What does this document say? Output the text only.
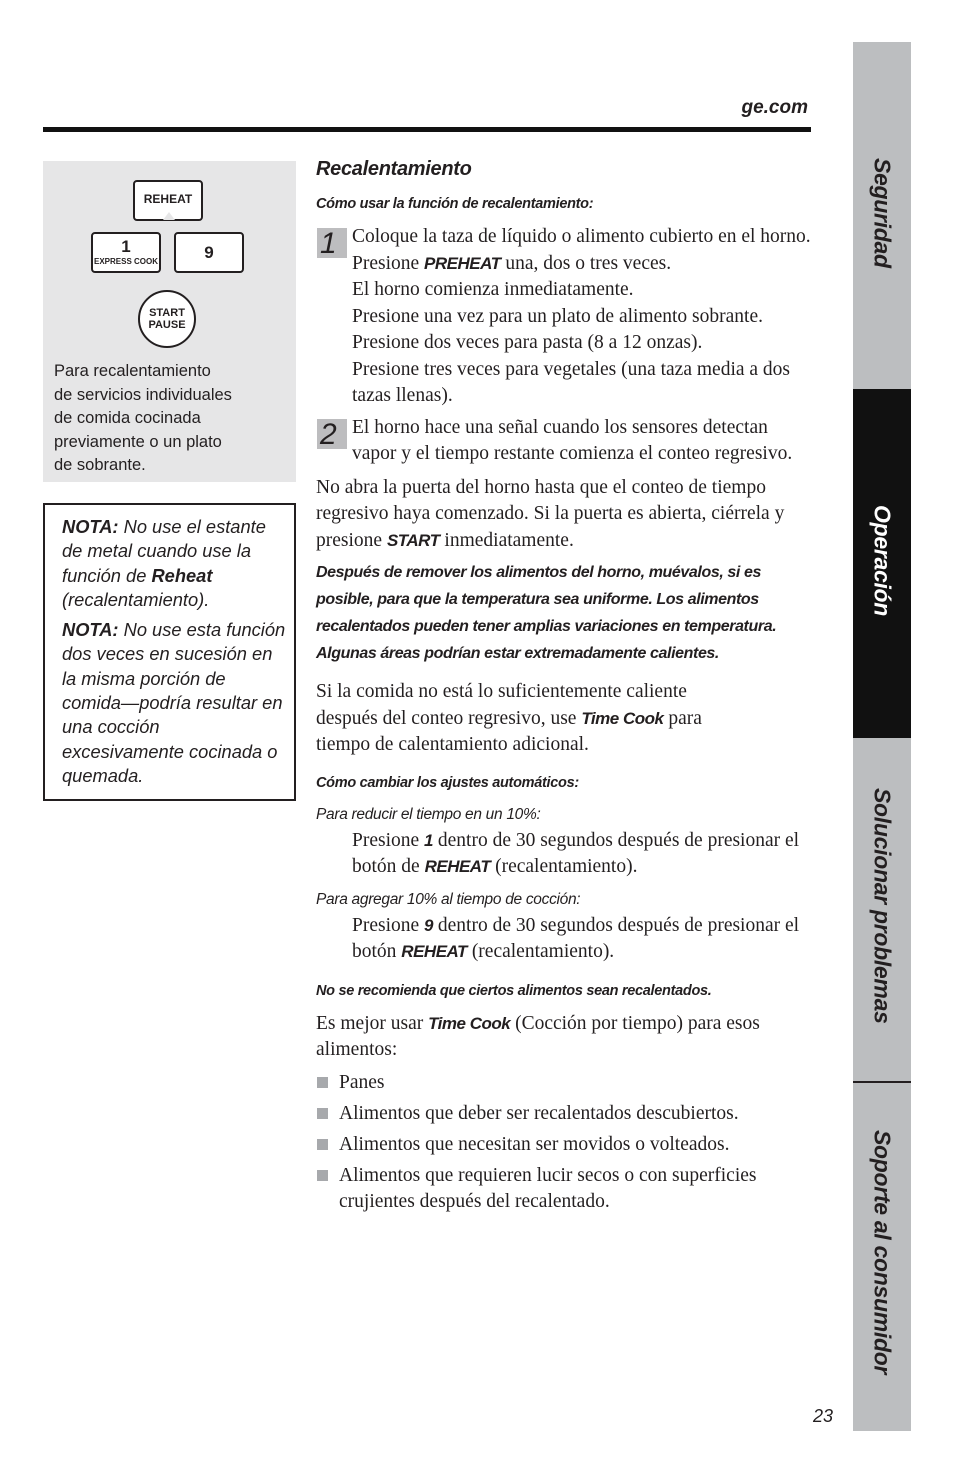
ge.com
REHEAT
1
EXPRESS COOK	9
START
PAUSE
Para recalentamiento
de servicios individuales
de comida cocinada
previamente o un plato
de sobrante.

NOTA: No use el estante de metal cuando use la función de Reheat (recalentamiento).

NOTA: No use esta función dos veces en sucesión en la misma porción de comida—podría resultar en una cocción excesivamente cocinada o quemada.

Recalentamiento

Cómo usar la función de recalentamiento:

1 Coloque la taza de líquido o alimento cubierto en el horno. Presione PREHEAT una, dos o tres veces.

El horno comienza inmediatamente.
Presione una vez para un plato de alimento sobrante.
Presione dos veces para pasta (8 a 12 onzas).
Presione tres veces para vegetales (una taza media a dos tazas llenas).

2 El horno hace una señal cuando los sensores detectan vapor y el tiempo restante comienza el conteo regresivo.

No abra la puerta del horno hasta que el conteo de tiempo regresivo haya comenzado. Si la puerta es abierta, ciérrela y presione START inmediatamente.

Después de remover los alimentos del horno, muévalos, si es posible, para que la temperatura sea uniforme. Los alimentos recalentados pueden tener amplias variaciones en temperatura. Algunas áreas podrían estar extremadamente calientes.

Si la comida no está lo suficientemente caliente después del conteo regresivo, use Time Cook para tiempo de calentamiento adicional.

Cómo cambiar los ajustes automáticos:

Para reducir el tiempo en un 10%:

Presione 1 dentro de 30 segundos después de presionar el botón de REHEAT (recalentamiento).

Para agregar 10% al tiempo de cocción:

Presione 9 dentro de 30 segundos después de presionar el botón REHEAT (recalentamiento).

No se recomienda que ciertos alimentos sean recalentados.

Es mejor usar Time Cook (Cocción por tiempo) para esos alimentos:

Panes
Alimentos que deber ser recalentados descubiertos.
Alimentos que necesitan ser movidos o volteados.
Alimentos que requieren lucir secos o con superficies crujientes después del recalentado.
Seguridad
Operación
Solucionar problemas
Soporte al consumidor
23
